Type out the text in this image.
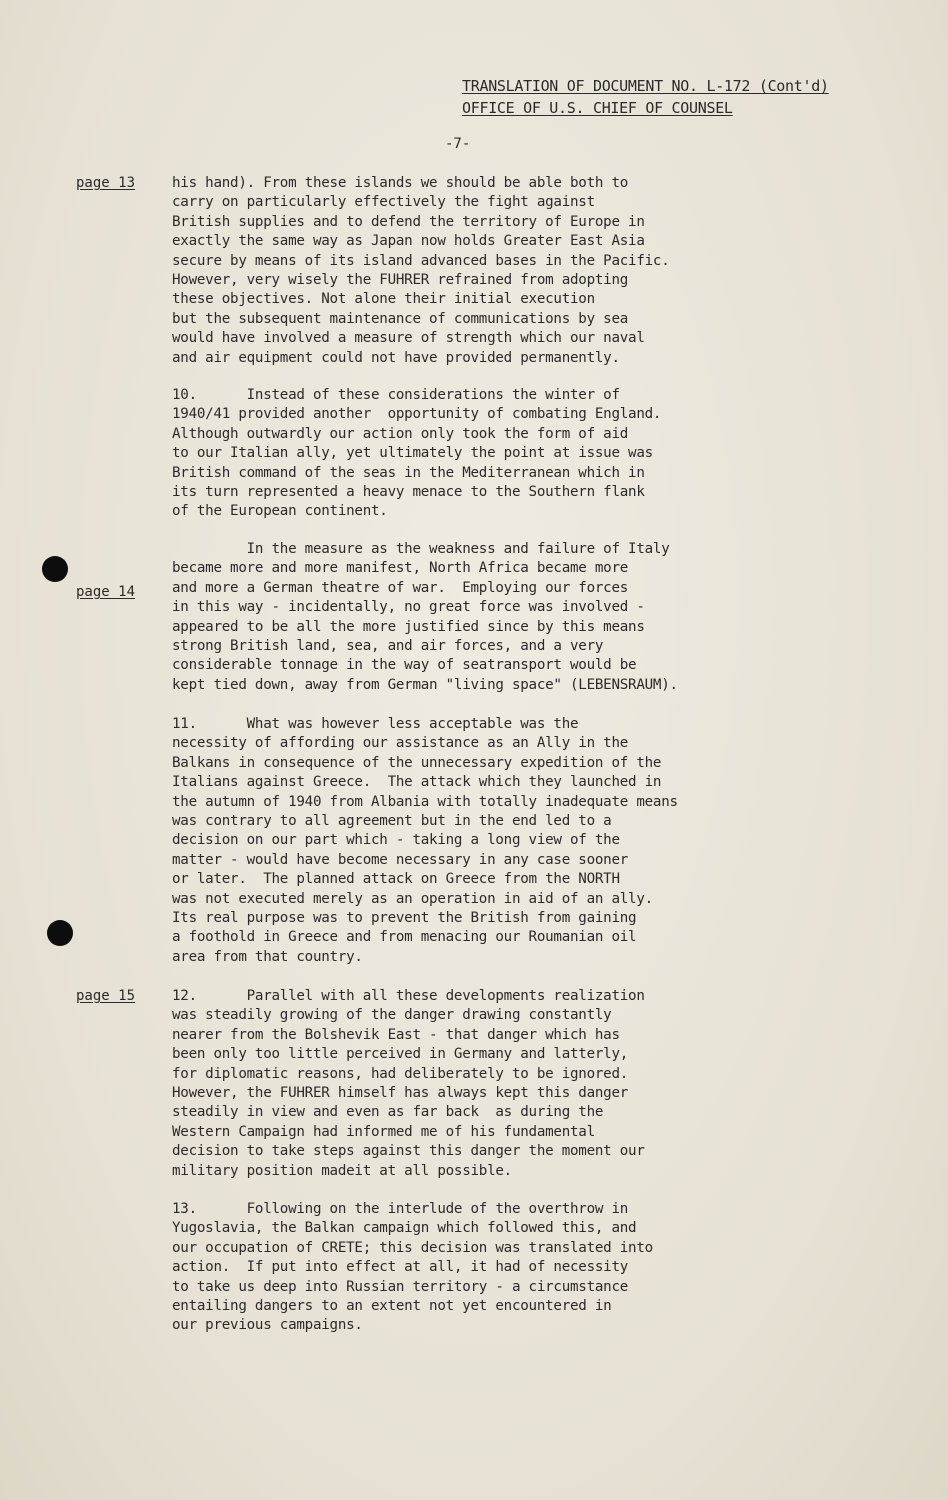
TRANSLATION OF DOCUMENT NO. L-172 (Cont'd)
OFFICE OF U.S. CHIEF OF COUNSEL
-7-
page 13
page 14
page 15
his hand). From these islands we should be able both to
carry on particularly effectively the fight against
British supplies and to defend the territory of Europe in
exactly the same way as Japan now holds Greater East Asia
secure by means of its island advanced bases in the Pacific.
However, very wisely the FUHRER refrained from adopting
these objectives. Not alone their initial execution
but the subsequent maintenance of communications by sea
would have involved a measure of strength which our naval
and air equipment could not have provided permanently.
10.      Instead of these considerations the winter of
1940/41 provided another  opportunity of combating England.
Although outwardly our action only took the form of aid
to our Italian ally, yet ultimately the point at issue was
British command of the seas in the Mediterranean which in
its turn represented a heavy menace to the Southern flank
of the European continent.
In the measure as the weakness and failure of Italy
became more and more manifest, North Africa became more
and more a German theatre of war.  Employing our forces
in this way - incidentally, no great force was involved -
appeared to be all the more justified since by this means
strong British land, sea, and air forces, and a very
considerable tonnage in the way of seatransport would be
kept tied down, away from German "living space" (LEBENSRAUM).
11.      What was however less acceptable was the
necessity of affording our assistance as an Ally in the
Balkans in consequence of the unnecessary expedition of the
Italians against Greece.  The attack which they launched in
the autumn of 1940 from Albania with totally inadequate means
was contrary to all agreement but in the end led to a
decision on our part which - taking a long view of the
matter - would have become necessary in any case sooner
or later.  The planned attack on Greece from the NORTH
was not executed merely as an operation in aid of an ally.
Its real purpose was to prevent the British from gaining
a foothold in Greece and from menacing our Roumanian oil
area from that country.
12.      Parallel with all these developments realization
was steadily growing of the danger drawing constantly
nearer from the Bolshevik East - that danger which has
been only too little perceived in Germany and latterly,
for diplomatic reasons, had deliberately to be ignored.
However, the FUHRER himself has always kept this danger
steadily in view and even as far back  as during the
Western Campaign had informed me of his fundamental
decision to take steps against this danger the moment our
military position madeit at all possible.
13.      Following on the interlude of the overthrow in
Yugoslavia, the Balkan campaign which followed this, and
our occupation of CRETE; this decision was translated into
action.  If put into effect at all, it had of necessity
to take us deep into Russian territory - a circumstance
entailing dangers to an extent not yet encountered in
our previous campaigns.
